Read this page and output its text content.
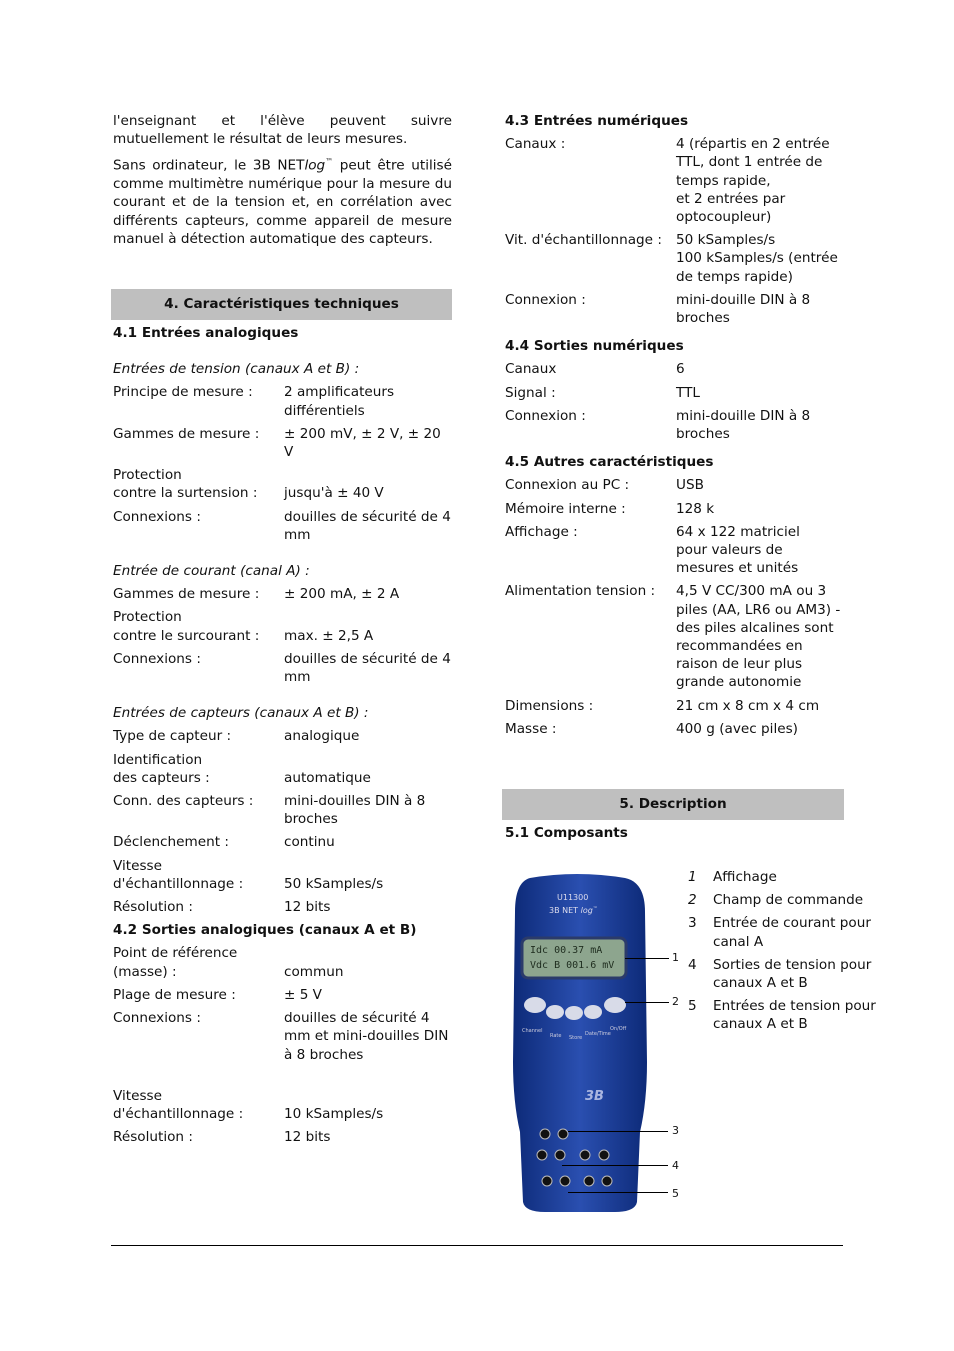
l'enseignant et l'élève peuvent suivre mutuellement le résultat de leurs mesures.

Sans ordinateur, le 3B NETlog™ peut être utilisé comme multimètre numérique pour la mesure du courant et de la tension et, en corrélation avec différents capteurs, comme appareil de mesure manuel à détection automatique des capteurs.

4. Caractéristiques techniques
4.1 Entrées analogiques
Entrées de tension (canaux A et B) :
Principe de mesure :	2 amplificateurs différentiels
Gammes de mesure :	± 200 mV, ± 2 V, ± 20 V
Protection
contre la surtension :	
jusqu'à ± 40 V
Connexions :	douilles de sécurité de 4 mm
Entrée de courant (canal A) :
Gammes de mesure :	± 200 mA, ± 2 A
Protection
contre le surcourant :	
max. ± 2,5 A
Connexions :	douilles de sécurité de 4 mm
Entrées de capteurs (canaux A et B) :
Type de capteur :	analogique
Identification
des capteurs :	
automatique
Conn. des capteurs :	mini-douilles DIN à 8 broches
Déclenchement :	continu
Vitesse
d'échantillonnage :	
50 kSamples/s
Résolution :	12 bits
4.2 Sorties analogiques (canaux A et B)
Point de référence
(masse) :	
commun
Plage de mesure :	± 5 V
Connexions :	douilles de sécurité 4 mm et mini-douilles DIN à 8 broches

Vitesse
d'échantillonnage :	

10 kSamples/s
Résolution :	12 bits
4.3 Entrées numériques
Canaux :	4 (répartis en 2 entrée TTL, dont 1 entrée de temps rapide,
et 2 entrées par optocoupleur)
Vit. d'échantillonnage :	50 kSamples/s
100 kSamples/s (entrée de temps rapide)
Connexion :	mini-douille DIN à 8 broches
4.4 Sorties numériques
Canaux	6
Signal :	TTL
Connexion :	mini-douille DIN à 8 broches
4.5 Autres caractéristiques
Connexion au PC :	USB
Mémoire interne :	128 k
Affichage :	64 x 122 matriciel
pour valeurs de mesures et unités
Alimentation tension :	4,5 V CC/300 mA ou 3 piles (AA, LR6 ou AM3) - des piles alcalines sont recommandées en raison de leur plus grande autonomie
Dimensions :	21 cm x 8 cm x 4 cm
Masse :	400 g (avec piles)
5. Description
5.1 Composants
U11300
3B NET log™
Idc 00.37 mA
Vdc B 001.6 mV
Channel
Rate Store
Date/Time
On/Off
3B
1
2
3
4
5
1	Affichage
2	Champ de commande
3	Entrée de courant pour canal A
4	Sorties de tension pour canaux A et B
5	Entrées de tension pour canaux A et B
